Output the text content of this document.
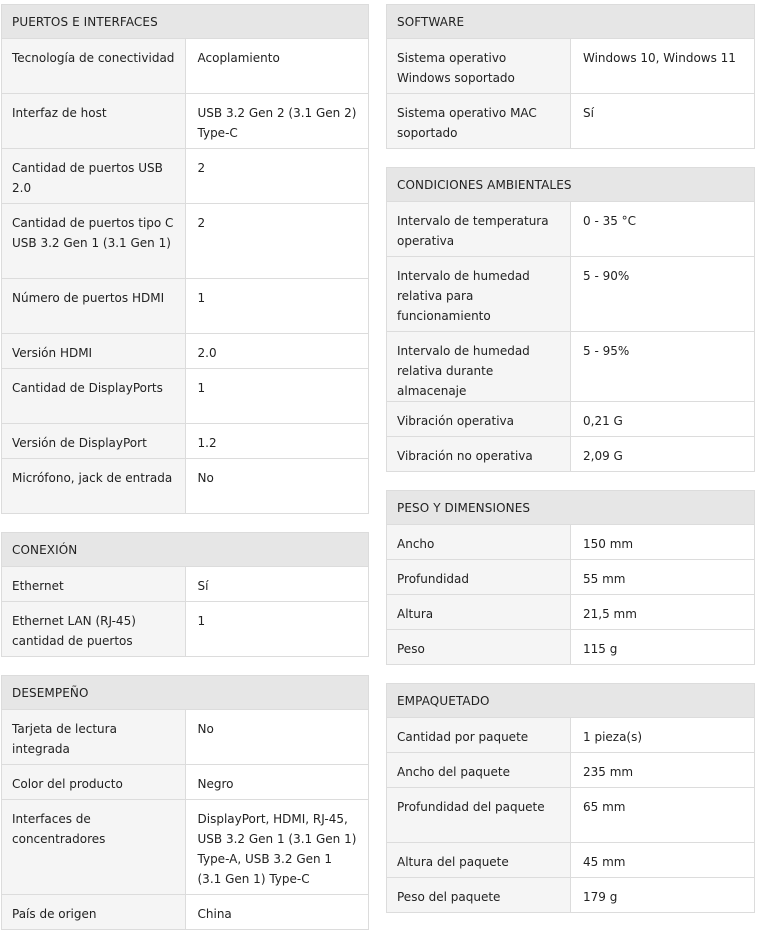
PUERTOS E INTERFACES	
Tecnología de conectividad	Acoplamiento
Interfaz de host	USB 3.2 Gen 2 (3.1 Gen 2) Type-C
Cantidad de puertos USB 2.0	2
Cantidad de puertos tipo C USB 3.2 Gen 1 (3.1 Gen 1)	2
Número de puertos HDMI	1
Versión HDMI	2.0
Cantidad de DisplayPorts	1
Versión de DisplayPort	1.2
Micrófono, jack de entrada	No
CONEXIÓN	
Ethernet	Sí
Ethernet LAN (RJ-45) cantidad de puertos	1
DESEMPEÑO	
Tarjeta de lectura integrada	No
Color del producto	Negro
Interfaces de concentradores	DisplayPort, HDMI, RJ-45, USB 3.2 Gen 1 (3.1 Gen 1) Type-A, USB 3.2 Gen 1 (3.1 Gen 1) Type-C
País de origen	China
SOFTWARE	
Sistema operativo Windows soportado	Windows 10, Windows 11
Sistema operativo MAC soportado	Sí
CONDICIONES AMBIENTALES	
Intervalo de temperatura operativa	0 - 35 °C
Intervalo de humedad relativa para funcionamiento	5 - 90%
Intervalo de humedad relativa durante almacenaje	5 - 95%
Vibración operativa	0,21 G
Vibración no operativa	2,09 G
PESO Y DIMENSIONES	
Ancho	150 mm
Profundidad	55 mm
Altura	21,5 mm
Peso	115 g
EMPAQUETADO	
Cantidad por paquete	1 pieza(s)
Ancho del paquete	235 mm
Profundidad del paquete	65 mm
Altura del paquete	45 mm
Peso del paquete	179 g
